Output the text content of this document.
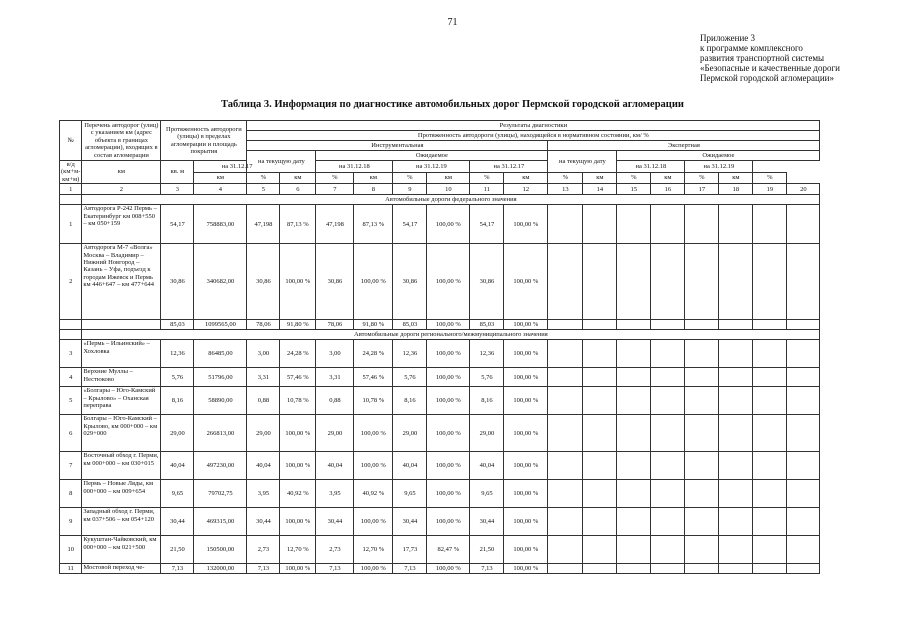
71
Приложение 3
к программе комплексного
развития транспортной системы
«Безопасные и качественные дороги
Пермской городской агломерации»
Таблица 3. Информация по диагностике автомобильных дорог Пермской городской агломерации
№	Перечень автодорог (улиц) с указанием км (адрес объекта в границах агломерации), входящих в состав агломерации	Протяженность автодороги (улицы) в пределах агломерации и площадь покрытия		Результаты диагностики															
				Протяженность автодороги (улицы), находящейся в нормативном состоянии, км/ %															
				Инструментальная								Экспертная							
				на текущую дату		Ожидаемое						на текущую дату		Ожидаемое					
в/д (км+м-км+м)	км	кв. м	на 31.12.17			на 31.12.18		на 31.12.19		на 31.12.17				на 31.12.18		на 31.12.19			
			км	%	км	%	км	%	км	%	км	%	км	%	км	%	км	%	
1	2	3	4	5	6	7	8	9	10	11	12	13	14	15	16	17	18	19	20
	Автомобильные дороги федерального значения																		
1	Автодорога Р-242 Пермь – Екатеринбург км 008+550 – км 050+159	54,17	758883,00	47,198	87,13 %	47,198	87,13 %	54,17	100,00 %	54,17	100,00 %								
2	Автодорога М-7 «Волга» Москва – Владимир – Нижний Новгород – Казань – Уфа, подъезд к городам Ижевск и Пермь км 446+647 – км 477+644	30,86	340682,00	30,86	100,00 %	30,86	100,00 %	30,86	100,00 %	30,86	100,00 %								
		85,03	1099565,00	78,06	91,80 %	78,06	91,80 %	85,03	100,00 %	85,03	100,00 %								
	Автомобильные дороги регионального/межмуниципального значения																		
3	«Пермь – Ильинский» – Хохловка	12,36	86485,00	3,00	24,28 %	3,00	24,28 %	12,36	100,00 %	12,36	100,00 %								
4	Верхние Муллы – Нестюково	5,76	51796,00	3,31	57,46 %	3,31	57,46 %	5,76	100,00 %	5,76	100,00 %								
5	«Болгары – Юго-Камский – Крылово» – Оханская переправа	8,16	58890,00	0,88	10,78 %	0,88	10,78 %	8,16	100,00 %	8,16	100,00 %								
6	Болгары – Юго-Камский – Крылово, км 000+000 – км 029+000	29,00	266813,00	29,00	100,00 %	29,00	100,00 %	29,00	100,00 %	29,00	100,00 %								
7	Восточный обход г. Перми, км 000+000 – км 030+015	40,04	497230,00	40,04	100,00 %	40,04	100,00 %	40,04	100,00 %	40,04	100,00 %								
8	Пермь – Новые Ляды, км 000+000 – км 009+654	9,65	79702,75	3,95	40,92 %	3,95	40,92 %	9,65	100,00 %	9,65	100,00 %								
9	Западный обход г. Перми, км 037+506 – км 054+120	30,44	469315,00	30,44	100,00 %	30,44	100,00 %	30,44	100,00 %	30,44	100,00 %								
10	Кукуштан-Чайковский, км 000+000 – км 021+500	21,50	150500,00	2,73	12,70 %	2,73	12,70 %	17,73	82,47 %	21,50	100,00 %								
11	Мостовой переход че-	7,13	132000,00	7,13	100,00 %	7,13	100,00 %	7,13	100,00 %	7,13	100,00 %								
